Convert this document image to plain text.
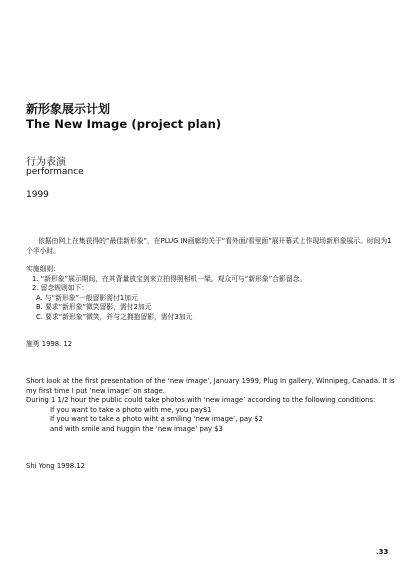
新形象展示计划
The New Image (project plan)
行为表演
performance
1999
依据由网上在集获得的“最佳新形象”，在PLUG IN画廊的关于“看外面/看里面”展开幕式上作现场新形象展示。时间为1个半小时。
实施细则：
1. “新形象”展示期间，在其背量放宝剑来立拍得照相机一架。观众可与“新形象”合影留念。
2. 留念规则如下：
A. 与“新形象”一般留影需付1加元
B. 要求“新形象”微笑留影，需付2加元
C. 要求“新形象”微笑，并与之拥抱留影，需付3加元
施勇 1998. 12
Short look at the first presentation of the ‘new image’, January 1999, Plug In gallery, Winnipeg, Canada. It is my first time I put ‘new image’ on stage.
During 1 1/2 hour the public could take photos with ‘new image’ according to the following conditions:
If you want to take a photo with me, you pay$1
If you want to take a photo wiht a smiling ‘new image’, pay $2
and with smile and huggin the ‘new image’ pay $3
Shi Yong 1998.12
.33
